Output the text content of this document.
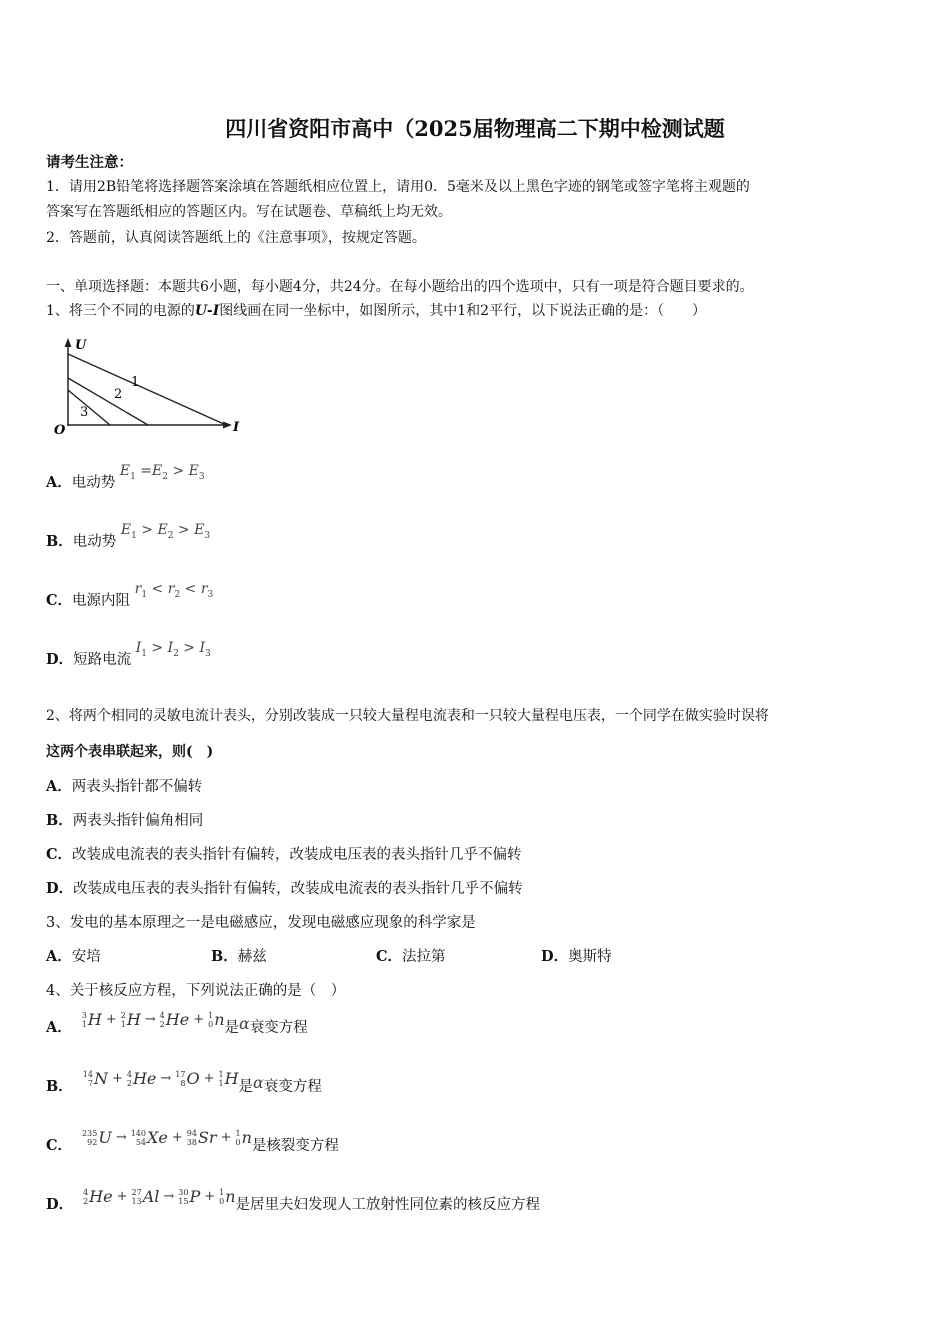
四川省资阳市高中（2025届物理高二下期中检测试题
请考生注意：
1．请用2B铅笔将选择题答案涂填在答题纸相应位置上，请用0．5毫米及以上黑色字迹的钢笔或签字笔将主观题的
答案写在答题纸相应的答题区内。写在试题卷、草稿纸上均无效。
2．答题前，认真阅读答题纸上的《注意事项》，按规定答题。
一、单项选择题：本题共6小题，每小题4分，共24分。在每小题给出的四个选项中，只有一项是符合题目要求的。
1、将三个不同的电源的U-I图线画在同一坐标中，如图所示，其中1和2平行，以下说法正确的是：（　　）
U
I
O
1
2
3
A．电动势 $E_1 =E_2 > E_3$
B．电动势 $E_1 > E_2 > E_3$
C．电源内阻 $r_1 < r_2 < r_3$
D．短路电流 $I_1 > I_2 > I_3$
2、将两个相同的灵敏电流计表头，分别改装成一只较大量程电流表和一只较大量程电压表，一个同学在做实验时误将
这两个表串联起来，则(　)
A．两表头指针都不偏转
B．两表头指针偏角相同
C．改装成电流表的表头指针有偏转，改装成电压表的表头指针几乎不偏转
D．改装成电压表的表头指针有偏转，改装成电流表的表头指针几乎不偏转
3、发电的基本原理之一是电磁感应，发现电磁感应现象的科学家是
A．安培	B．赫兹	C．法拉第	D．奥斯特
4、关于核反应方程，下列说法正确的是（　）
A．
3
1 H + 2
1 H → 4
2 He + 1
0 n 是 α 衰变方程
B．
14
7 N + 4
2 He → 17
8 O + 1
1 H 是 α 衰变方程
C．
235
92 U → 140
54 Xe + 94
38 Sr + 1
0 n 是核裂变方程
D．
4
2 He + 27
13 Al → 30
15 P + 1
0 n 是居里夫妇发现人工放射性同位素的核反应方程
